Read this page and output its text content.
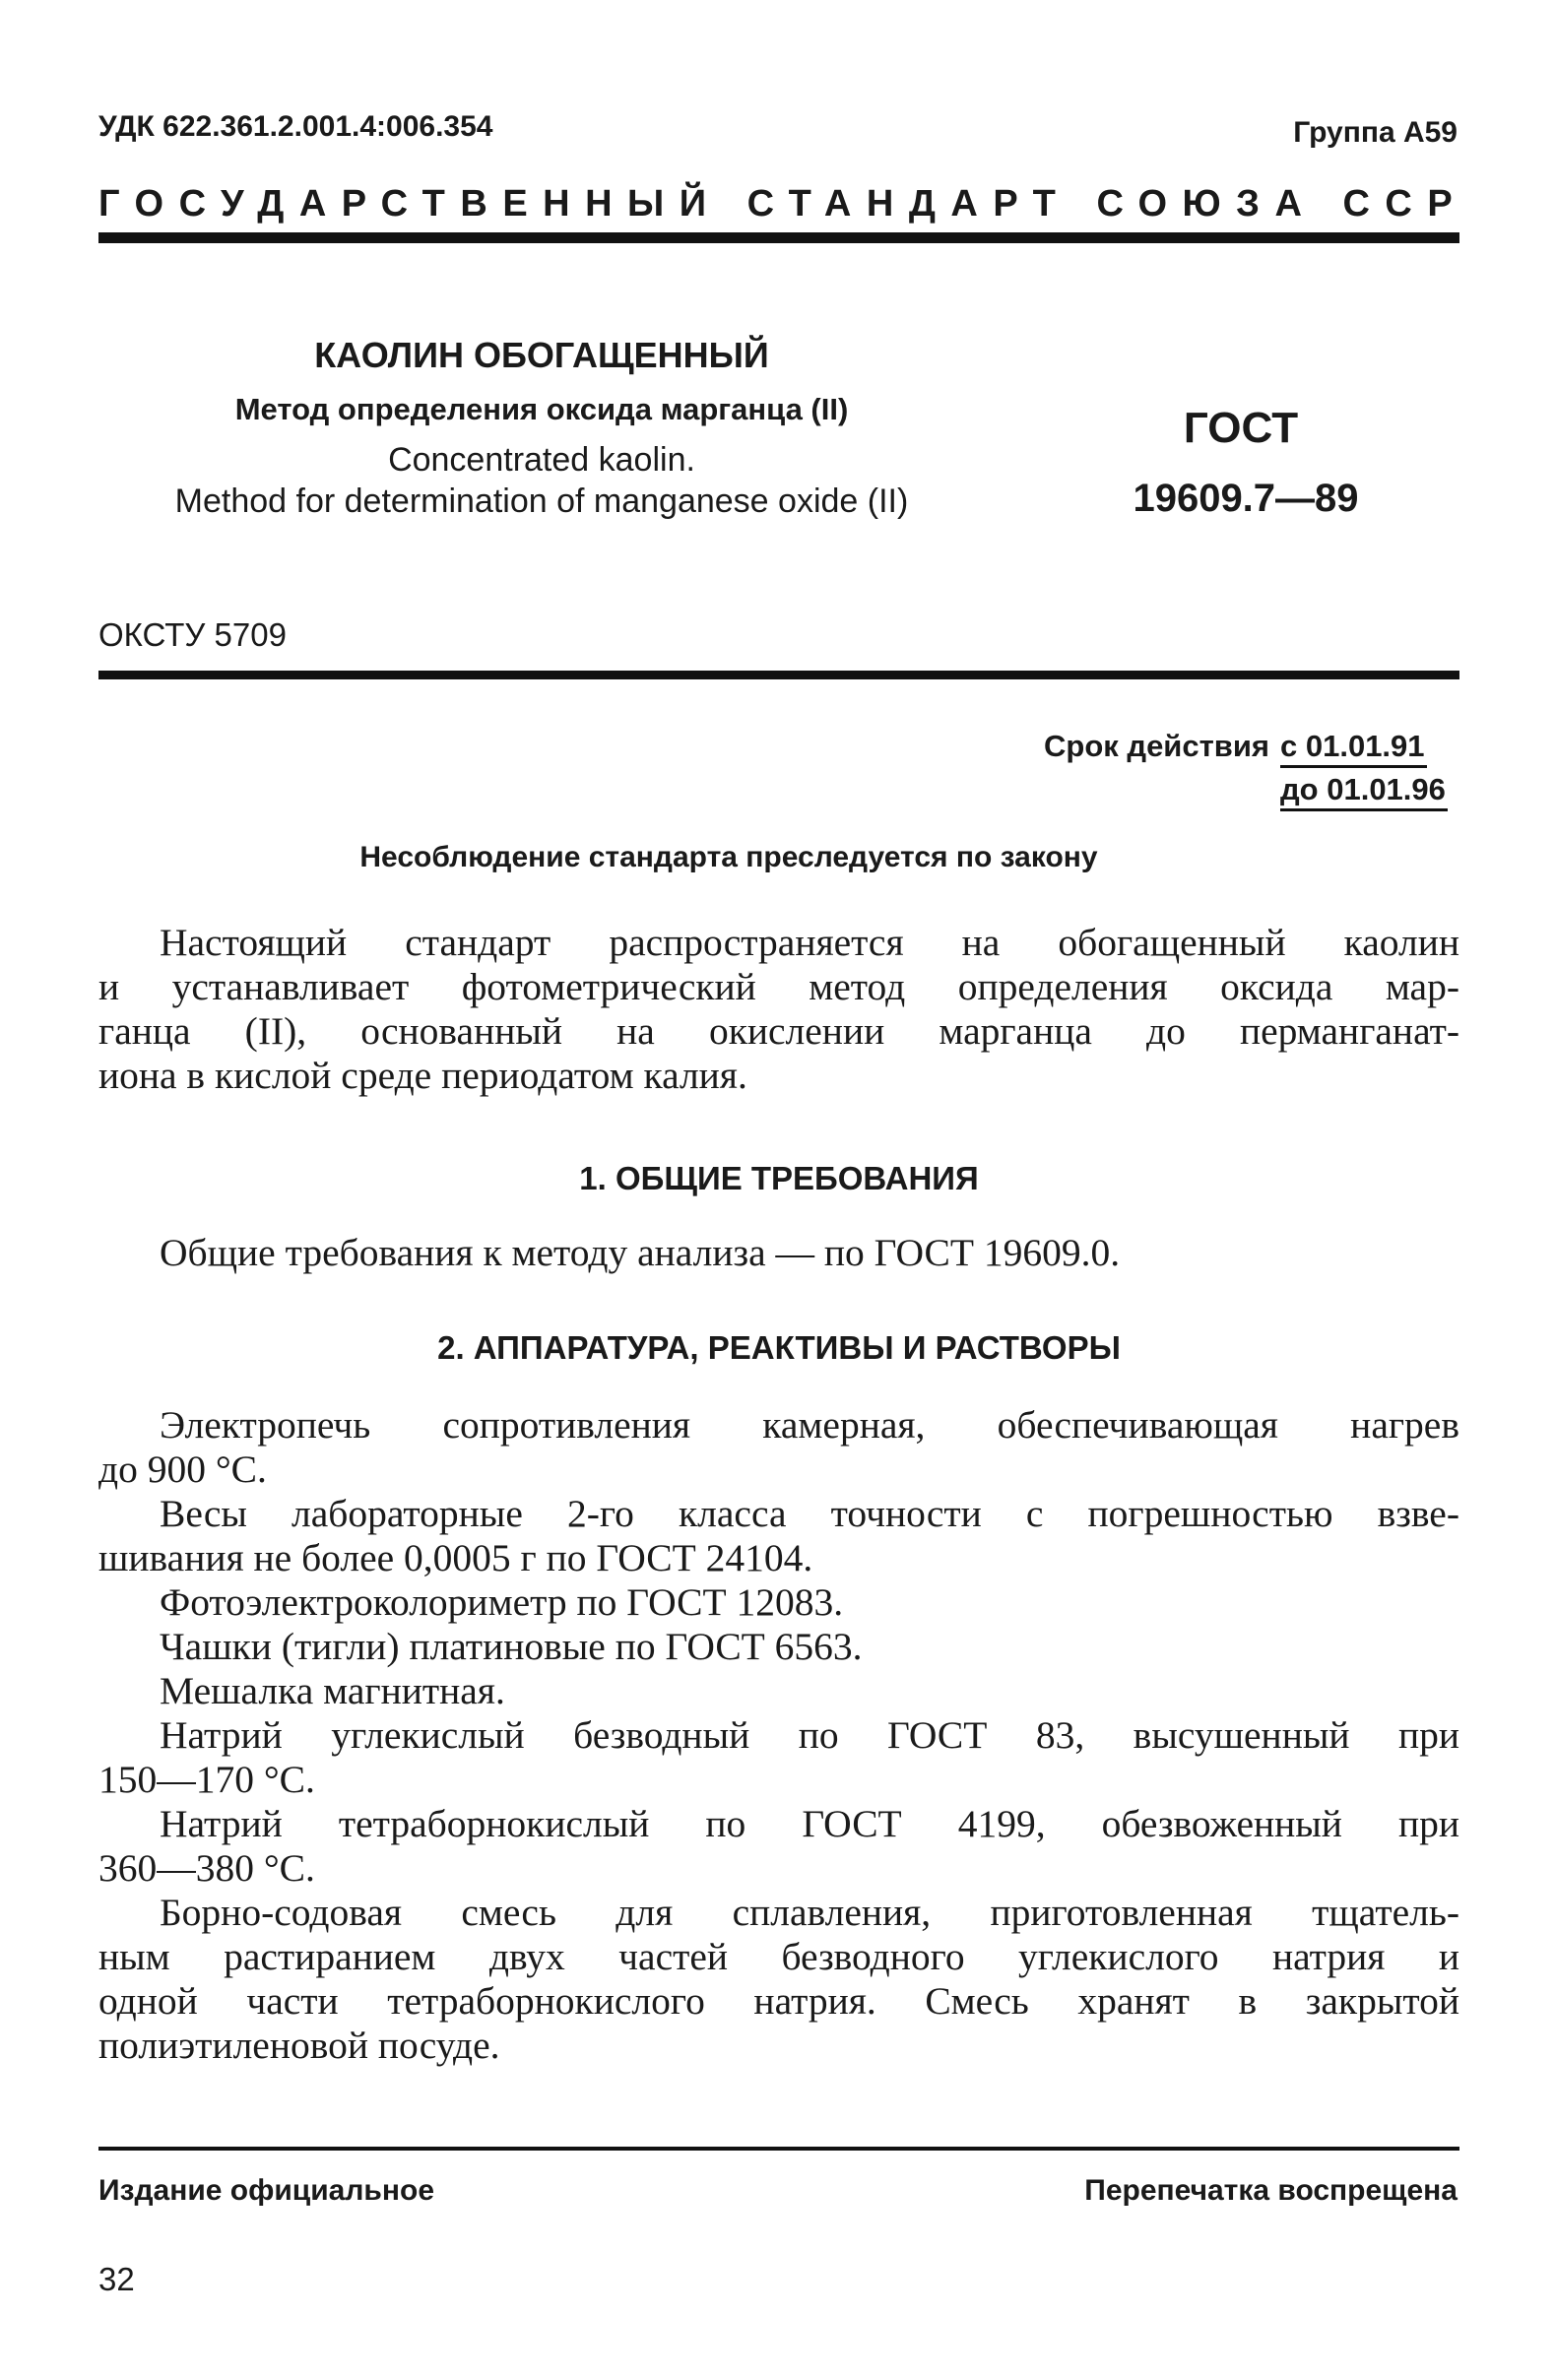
УДК 622.361.2.001.4:006.354	Группа А59
ГОСУДАРСТВЕННЫЙ СТАНДАРТ СОЮЗА ССР
КАОЛИН ОБОГАЩЕННЫЙ
Метод определения оксида марганца (II)
Concentrated kaolin.
Method for determination of manganese oxide (II)
ГОСТ
19609.7—89
ОКСТУ 5709
Срок действия с 01.01.91
до 01.01.96
Несоблюдение стандарта преследуется по закону
Настоящий стандарт распространяется на обогащенный каолин
и устанавливает фотометрический метод определения оксида мар-
ганца (II), основанный на окислении марганца до перманганат-
иона в кислой среде периодатом калия.
1. ОБЩИЕ ТРЕБОВАНИЯ
Общие требования к методу анализа — по ГОСТ 19609.0.
2. АППАРАТУРА, РЕАКТИВЫ И РАСТВОРЫ
Электропечь сопротивления камерная, обеспечивающая нагрев
до 900 °С.
Весы лабораторные 2-го класса точности с погрешностью взве-
шивания не более 0,0005 г по ГОСТ 24104.
Фотоэлектроколориметр по ГОСТ 12083.
Чашки (тигли) платиновые по ГОСТ 6563.
Мешалка магнитная.
Натрий углекислый безводный по ГОСТ 83, высушенный при
150—170 °С.
Натрий тетраборнокислый по ГОСТ 4199, обезвоженный при
360—380 °С.
Борно-содовая смесь для сплавления, приготовленная тщатель-
ным растиранием двух частей безводного углекислого натрия и
одной части тетраборнокислого натрия. Смесь хранят в закрытой
полиэтиленовой посуде.
Издание официальное	Перепечатка воспрещена
32
